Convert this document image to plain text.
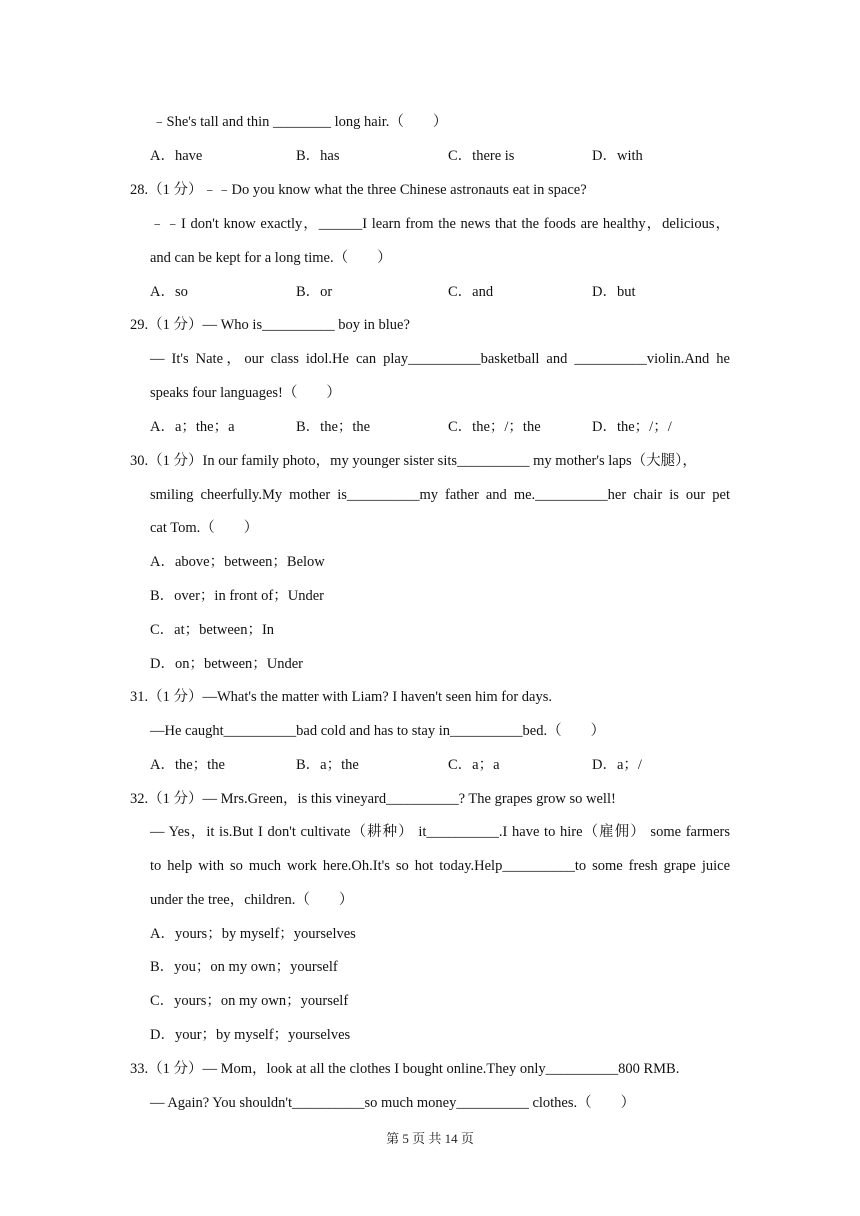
﹣She's tall and thin ________ long hair.（　　）
A．have	B．has	C．there is	D．with
28.（1 分）﹣﹣Do you know what the three Chinese astronauts eat in space?
﹣﹣I don't know exactly，______I learn from the news that the foods are healthy，delicious，
and can be kept for a long time.（　　）
A．so	B．or	C．and	D．but
29.（1 分）— Who is__________ boy in blue?
— It's Nate，our class idol.He can play__________basketball and __________violin.And he
speaks four languages!（　　）
A．a；the；a	B．the；the	C．the；/；the	D．the；/；/
30.（1 分）In our family photo，my younger sister sits__________ my mother's laps（大腿），
smiling cheerfully.My mother is__________my father and me.__________her chair is our pet
cat Tom.（　　）
A．above；between；Below
B．over；in front of；Under
C．at；between；In
D．on；between；Under
31.（1 分）—What's the matter with Liam? I haven't seen him for days.
—He caught__________bad cold and has to stay in__________bed.（　　）
A．the；the	B．a；the	C．a；a	D．a；/
32.（1 分）— Mrs.Green，is this vineyard__________? The grapes grow so well!
— Yes，it is.But I don't cultivate（耕种） it__________.I have to hire（雇佣） some farmers
to help with so much work here.Oh.It's so hot today.Help__________to some fresh grape juice
under the tree，children.（　　）
A．yours；by myself；yourselves
B．you；on my own；yourself
C．yours；on my own；yourself
D．your；by myself；yourselves
33.（1 分）— Mom，look at all the clothes I bought online.They only__________800 RMB.
— Again? You shouldn't__________so much money__________ clothes.（　　）
第 5 页 共 14 页
